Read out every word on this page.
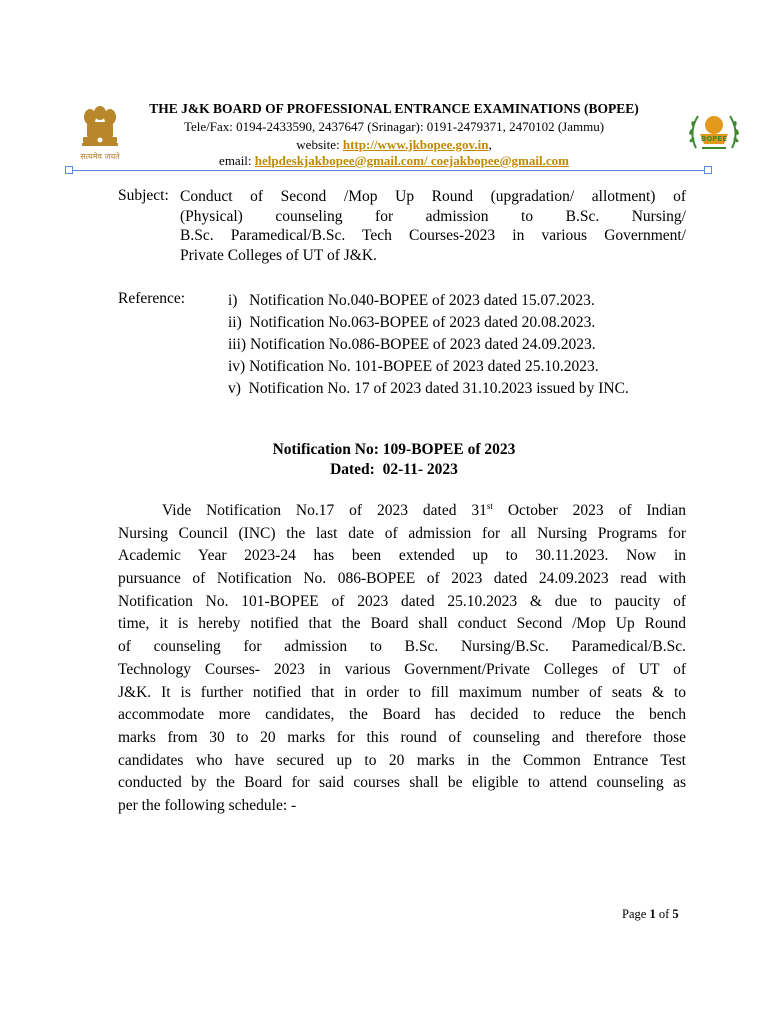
सत्यमेव जयते
BOPEE
THE J&K BOARD OF PROFESSIONAL ENTRANCE EXAMINATIONS (BOPEE)
Tele/Fax: 0194-2433590, 2437647 (Srinagar): 0191-2479371, 2470102 (Jammu)
website: http://www.jkbopee.gov.in,
email: helpdeskjakbopee@gmail.com/ coejakbopee@gmail.com
Subject: Conduct of Second /Mop Up Round (upgradation/ allotment) of
(Physical) counseling for admission to B.Sc. Nursing/
B.Sc. Paramedical/B.Sc. Tech Courses-2023 in various Government/
Private Colleges of UT of J&K.
Reference:	i)   Notification No.040-BOPEE of 2023 dated 15.07.2023.
ii)  Notification No.063-BOPEE of 2023 dated 20.08.2023.
iii) Notification No.086-BOPEE of 2023 dated 24.09.2023.
iv) Notification No. 101-BOPEE of 2023 dated 25.10.2023.
v)  Notification No. 17 of 2023 dated 31.10.2023 issued by INC.
Notification No: 109-BOPEE of 2023
Dated:  02-11- 2023
Vide Notification No.17 of 2023 dated 31st October 2023 of Indian
Nursing Council (INC) the last date of admission for all Nursing Programs for
Academic Year 2023-24 has been extended up to 30.11.2023. Now in
pursuance of Notification No. 086-BOPEE of 2023 dated 24.09.2023 read with
Notification No. 101-BOPEE of 2023 dated 25.10.2023 & due to paucity of
time, it is hereby notified that the Board shall conduct Second /Mop Up Round
of counseling for admission to B.Sc. Nursing/B.Sc. Paramedical/B.Sc.
Technology Courses- 2023 in various Government/Private Colleges of UT of
J&K. It is further notified that in order to fill maximum number of seats & to
accommodate more candidates, the Board has decided to reduce the bench
marks from 30 to 20 marks for this round of counseling and therefore those
candidates who have secured up to 20 marks in the Common Entrance Test
conducted by the Board for said courses shall be eligible to attend counseling as
per the following schedule: -
Page 1 of 5
